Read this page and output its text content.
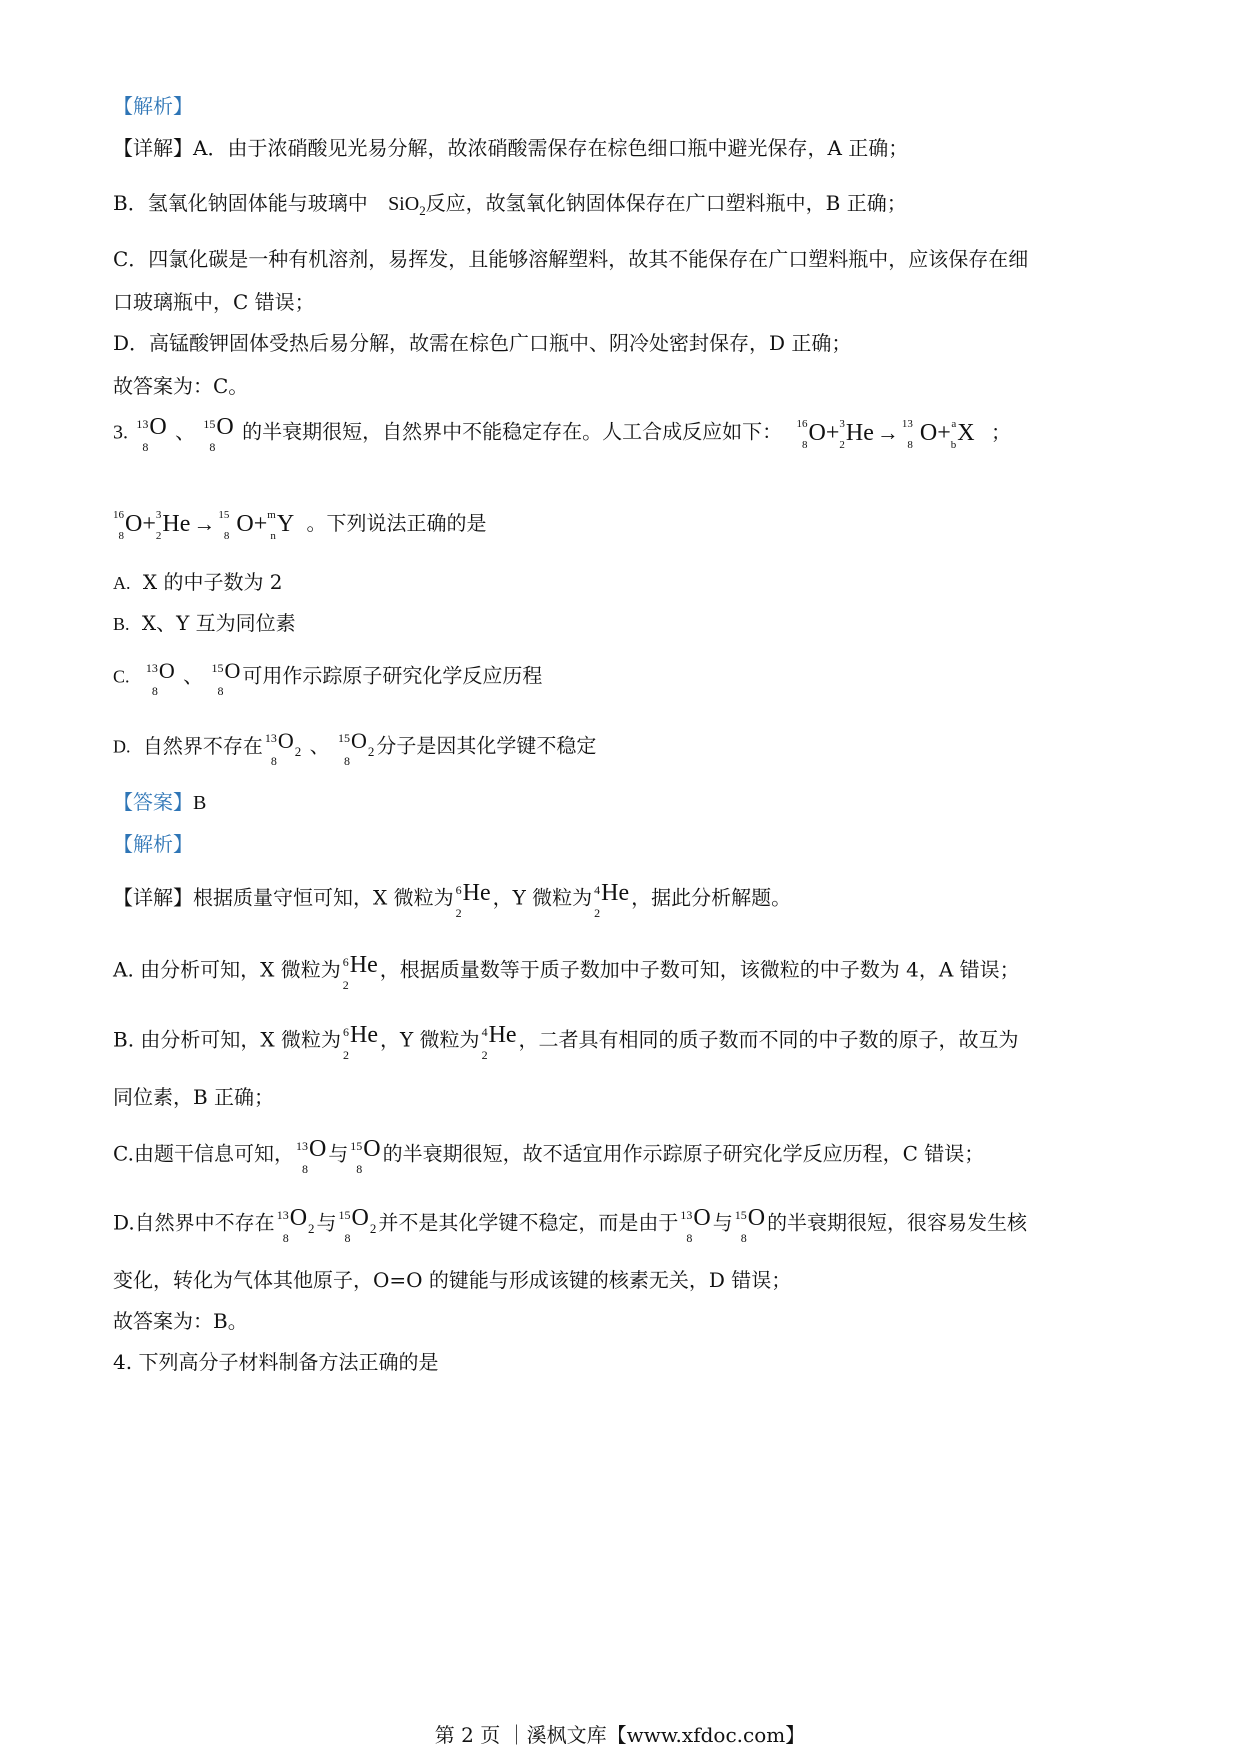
【解析】
【详解】A．由于浓硝酸见光易分解，故浓硝酸需保存在棕色细口瓶中避光保存，A 正确；
B．氢氧化钠固体能与玻璃中 SiO$_2$反应，故氢氧化钠固体保存在广口塑料瓶中，B 正确；
C．四氯化碳是一种有机溶剂，易挥发，且能够溶解塑料，故其不能保存在广口塑料瓶中，应该保存在细
口玻璃瓶中，C 错误；
D．高锰酸钾固体受热后易分解，故需在棕色广口瓶中、阴冷处密封保存，D 正确；
故答案为：C。
3. 13
8
O 、 15
8
O 的半衰期很短，自然界中不能稳定存在。人工合成反应如下： 16
8 O + 3
2 He → 13
8 O + a
b X ；
16
8 O + 3
2 He → 15
8 O + m
n Y 。下列说法正确的是
A. X 的中子数为 2
B. X、Y 互为同位素
C. 13
8
O 、 15
8
O 可用作示踪原子研究化学反应历程
D. 自然界不存在 13
8
O 2 、 15
8
O 2 分子是因其化学键不稳定
【答案】B
【解析】
【详解】根据质量守恒可知，X 微粒为 6
2
He ，Y 微粒为 4
2
He ，据此分析解题。
A. 由分析可知，X 微粒为 6
2
He ，根据质量数等于质子数加中子数可知，该微粒的中子数为 4，A 错误；
B. 由分析可知，X 微粒为 6
2
He ，Y 微粒为 4
2
He ，二者具有相同的质子数而不同的中子数的原子，故互为
同位素，B 正确；
C.由题干信息可知， 13
8
O 与 15
8
O 的半衰期很短，故不适宜用作示踪原子研究化学反应历程，C 错误；
D.自然界中不存在 13
8
O 2 与 15
8
O 2 并不是其化学键不稳定，而是由于 13
8
O 与 15
8
O 的半衰期很短，很容易发生核
变化，转化为气体其他原子，O=O 的键能与形成该键的核素无关，D 错误；
故答案为：B。
4. 下列高分子材料制备方法正确的是
第 2 页 ｜溪枫文库【www.xfdoc.com】
